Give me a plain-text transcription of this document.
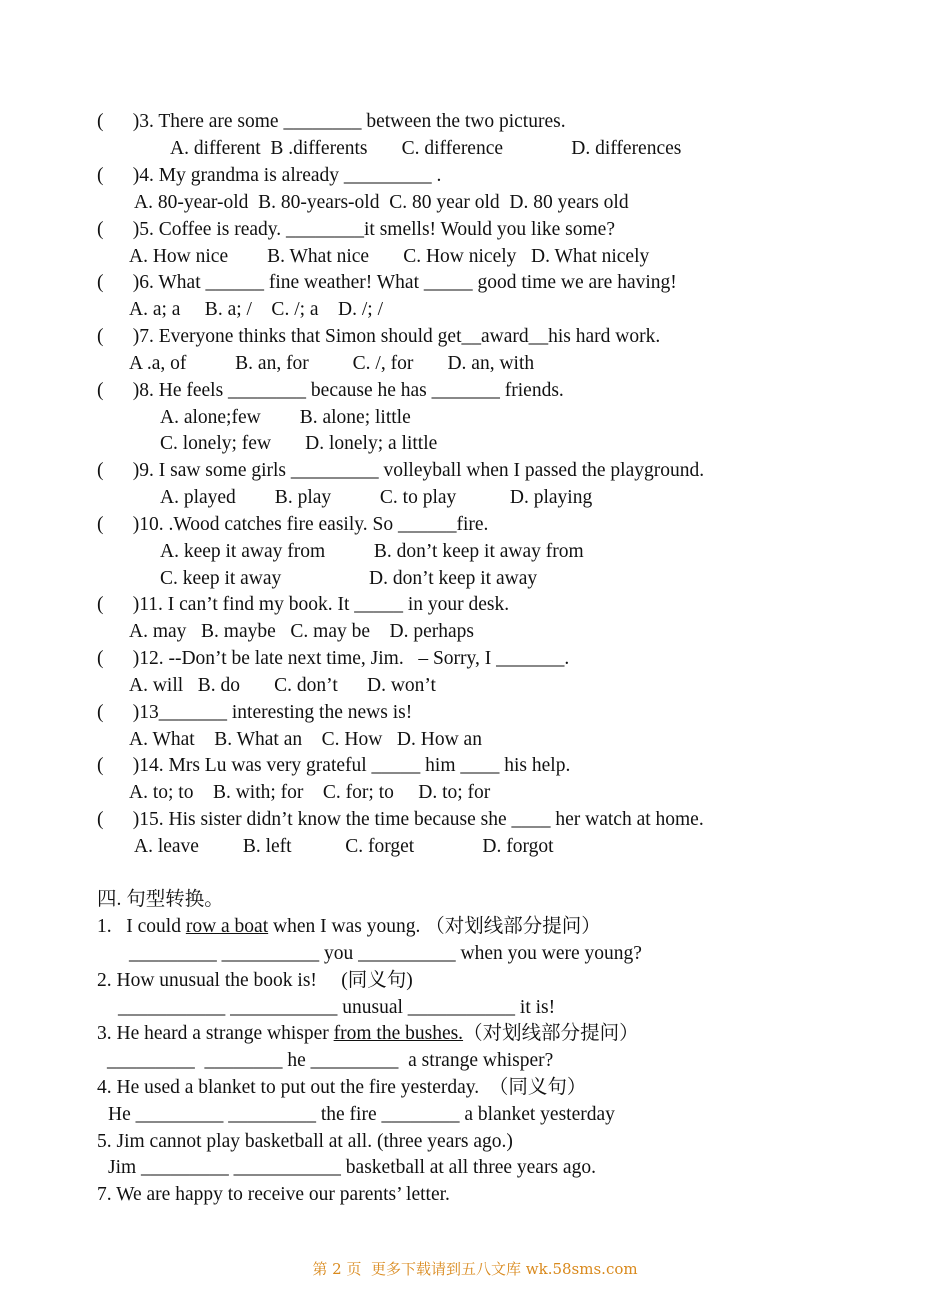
(      )3. There are some ________ between the two pictures.
A. different  B .differents       C. difference              D. differences
(      )4. My grandma is already _________ .
A. 80-year-old  B. 80-years-old  C. 80 year old  D. 80 years old
(      )5. Coffee is ready. ________it smells! Would you like some?
A. How nice        B. What nice       C. How nicely   D. What nicely
(      )6. What ______ fine weather! What _____ good time we are having!
A. a; a     B. a; /    C. /; a    D. /; /
(      )7. Everyone thinks that Simon should get__award__his hard work.
A .a, of          B. an, for         C. /, for       D. an, with
(      )8. He feels ________ because he has _______ friends.
A. alone;few        B. alone; little
C. lonely; few       D. lonely; a little
(      )9. I saw some girls _________ volleyball when I passed the playground.
A. played        B. play          C. to play           D. playing
(      )10. .Wood catches fire easily. So ______fire.
A. keep it away from          B. don’t keep it away from
C. keep it away                  D. don’t keep it away
(      )11. I can’t find my book. It _____ in your desk.
A. may   B. maybe   C. may be    D. perhaps
(      )12. --Don’t be late next time, Jim.   – Sorry, I _______.
A. will   B. do       C. don’t      D. won’t
(      )13_______ interesting the news is!
A. What    B. What an    C. How   D. How an
(      )14. Mrs Lu was very grateful _____ him ____ his help.
A. to; to    B. with; for    C. for; to     D. to; for
(      )15. His sister didn’t know the time because she ____ her watch at home.
A. leave         B. left           C. forget              D. forgot
四. 句型转换。
1.   I could row a boat when I was young. （对划线部分提问）
_________ __________ you __________ when you were young?
2. How unusual the book is!     (同义句)
___________ ___________ unusual ___________ it is!
3. He heard a strange whisper from the bushes.（对划线部分提问）
_________  ________ he _________  a strange whisper?
4. He used a blanket to put out the fire yesterday.  （同义句）
He _________ _________ the fire ________ a blanket yesterday
5. Jim cannot play basketball at all. (three years ago.)
Jim _________ ___________ basketball at all three years ago.
7. We are happy to receive our parents’ letter.
第 2 页  更多下载请到五八文库 wk.58sms.com
